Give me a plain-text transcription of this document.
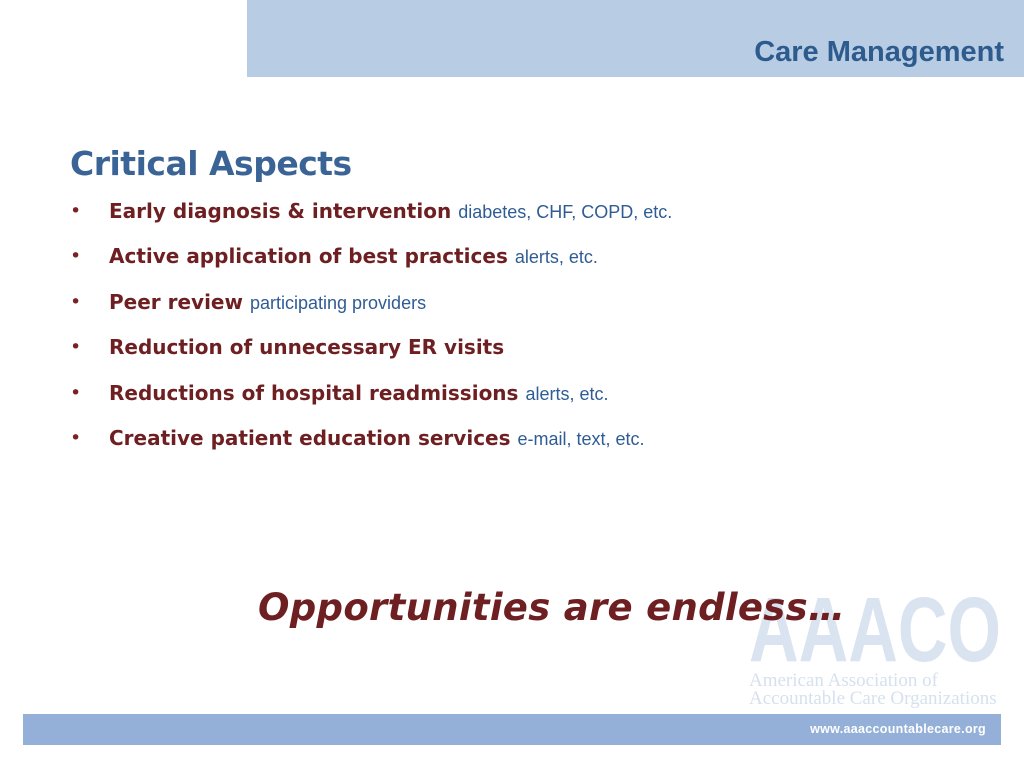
Care Management
Critical Aspects
•	Early diagnosis & intervention diabetes, CHF, COPD, etc.
•	Active application of best practices alerts, etc.
•	Peer review participating providers
•	Reduction of unnecessary ER visits
•	Reductions of hospital readmissions alerts, etc.
•	Creative patient education services e-mail, text, etc.
AAACO
American Association of
Accountable Care Organizations
Opportunities are endless…
www.aaaccountablecare.org
